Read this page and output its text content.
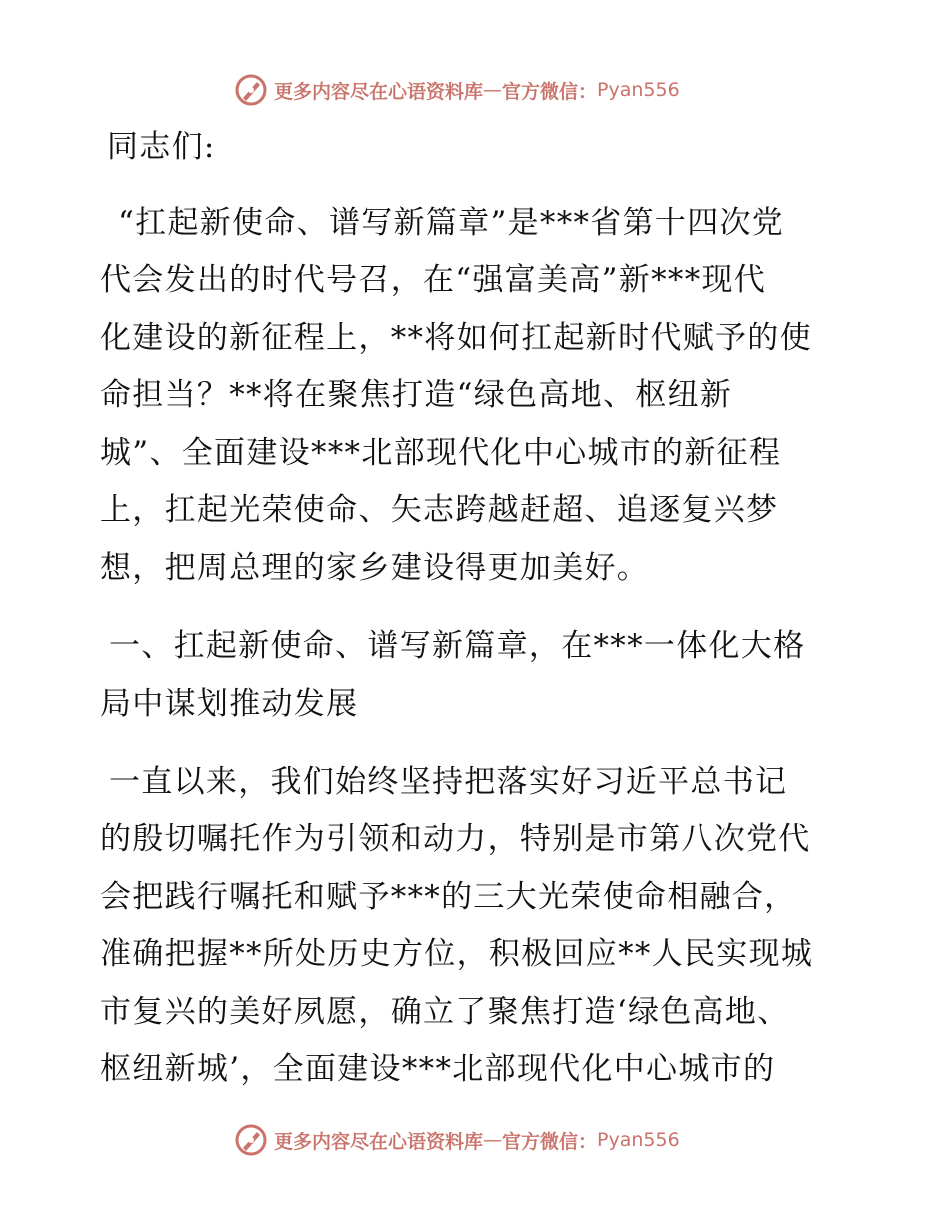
更多内容尽在心语资料库 — 官方微信： Pyan556
同志们:
“扛起新使命、谱写新篇章”是***省第十四次党
代会发出的时代号召，在“强富美高”新***现代
化建设的新征程上，**将如何扛起新时代赋予的使
命担当？**将在聚焦打造“绿色高地、枢纽新
城”、全面建设***北部现代化中心城市的新征程
上，扛起光荣使命、矢志跨越赶超、追逐复兴梦
想，把周总理的家乡建设得更加美好。
一、扛起新使命、谱写新篇章，在***一体化大格
局中谋划推动发展
一直以来，我们始终坚持把落实好习近平总书记
的殷切嘱托作为引领和动力，特别是市第八次党代
会把践行嘱托和赋予***的三大光荣使命相融合，
准确把握**所处历史方位，积极回应**人民实现城
市复兴的美好夙愿，确立了聚焦打造‘绿色高地、
枢纽新城’，全面建设***北部现代化中心城市的
更多内容尽在心语资料库 — 官方微信： Pyan556
